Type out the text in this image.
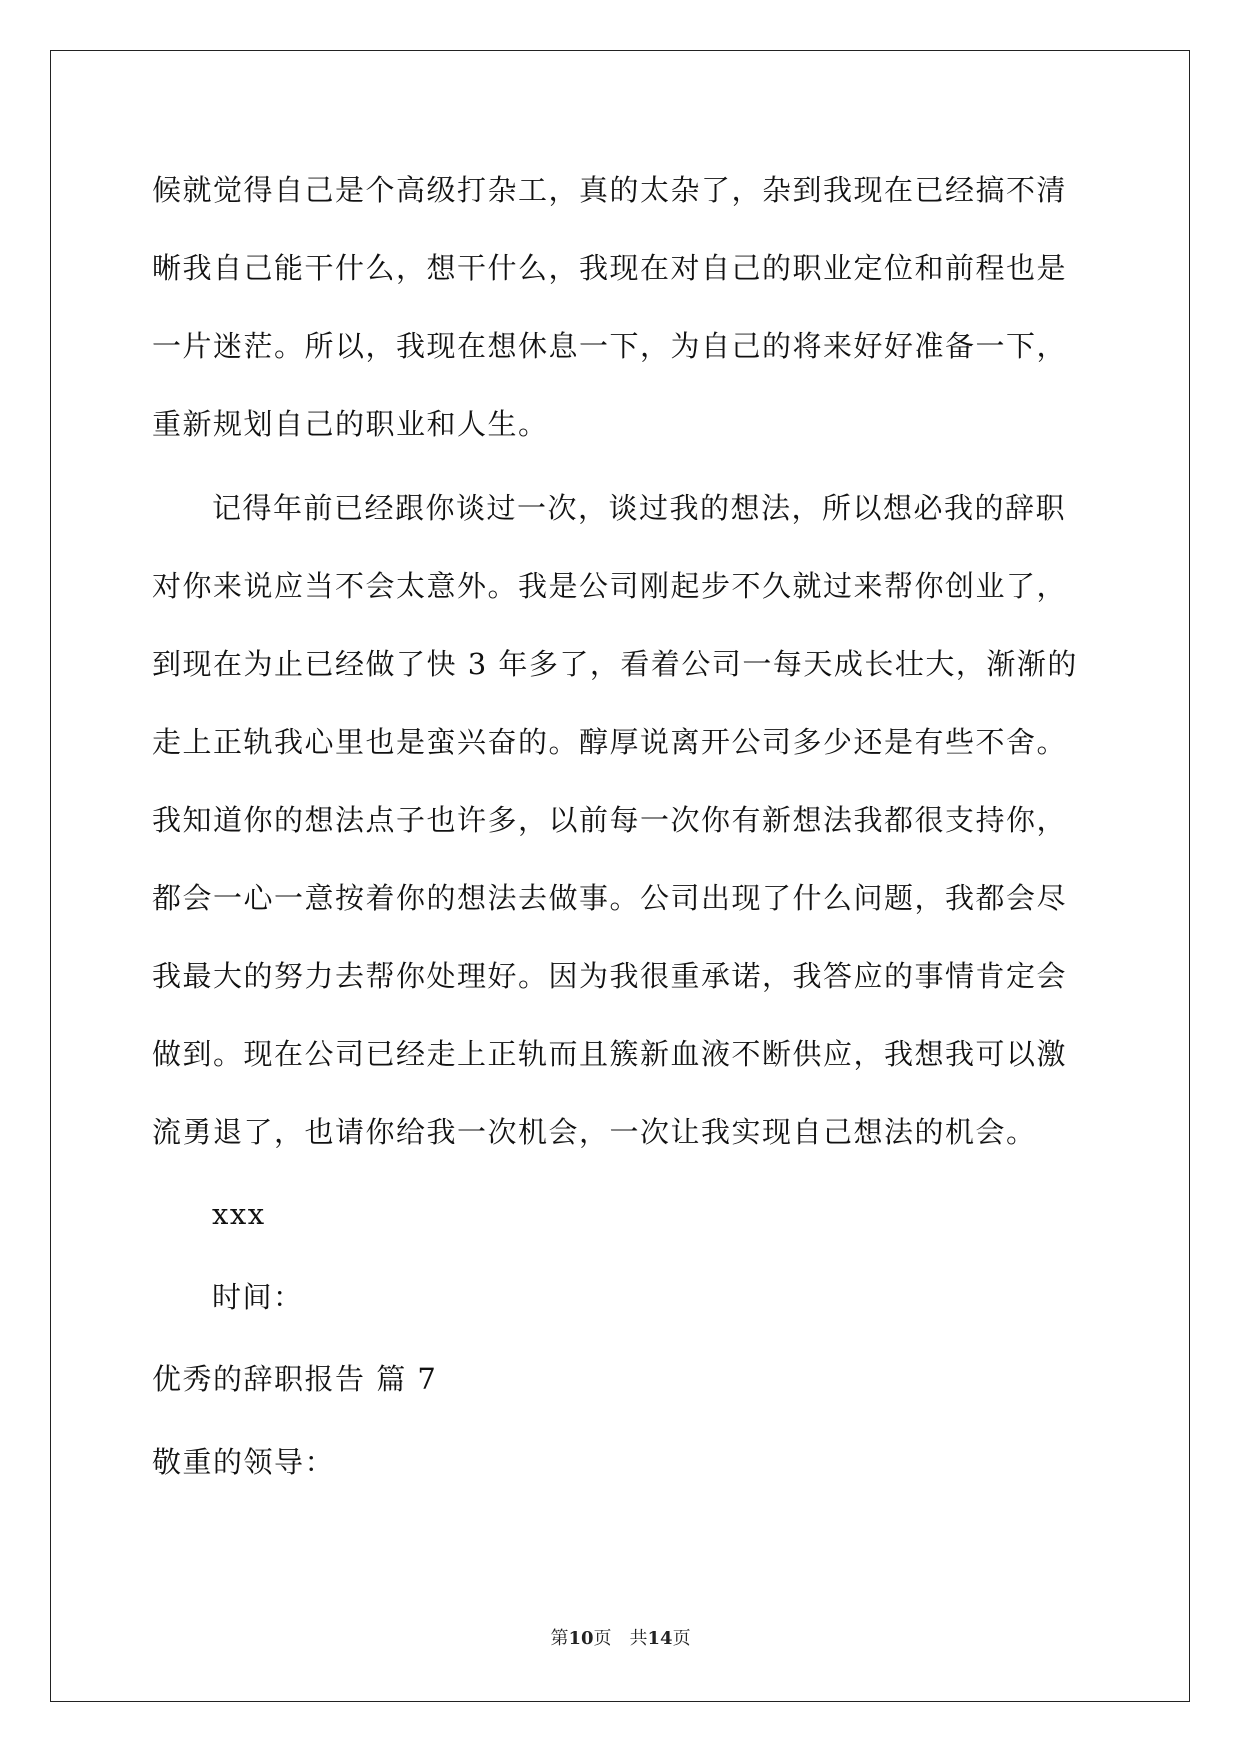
候就觉得自己是个高级打杂工，真的太杂了，杂到我现在已经搞不清
晰我自己能干什么，想干什么，我现在对自己的职业定位和前程也是
一片迷茫。所以，我现在想休息一下，为自己的将来好好准备一下，
重新规划自己的职业和人生。
记得年前已经跟你谈过一次，谈过我的想法，所以想必我的辞职
对你来说应当不会太意外。我是公司刚起步不久就过来帮你创业了，
到现在为止已经做了快 3 年多了，看着公司一每天成长壮大，渐渐的
走上正轨我心里也是蛮兴奋的。醇厚说离开公司多少还是有些不舍。
我知道你的想法点子也许多，以前每一次你有新想法我都很支持你，
都会一心一意按着你的想法去做事。公司出现了什么问题，我都会尽
我最大的努力去帮你处理好。因为我很重承诺，我答应的事情肯定会
做到。现在公司已经走上正轨而且簇新血液不断供应，我想我可以激
流勇退了，也请你给我一次机会，一次让我实现自己想法的机会。
xxx
时间：
优秀的辞职报告 篇 7
敬重的领导：
第10页　共14页
